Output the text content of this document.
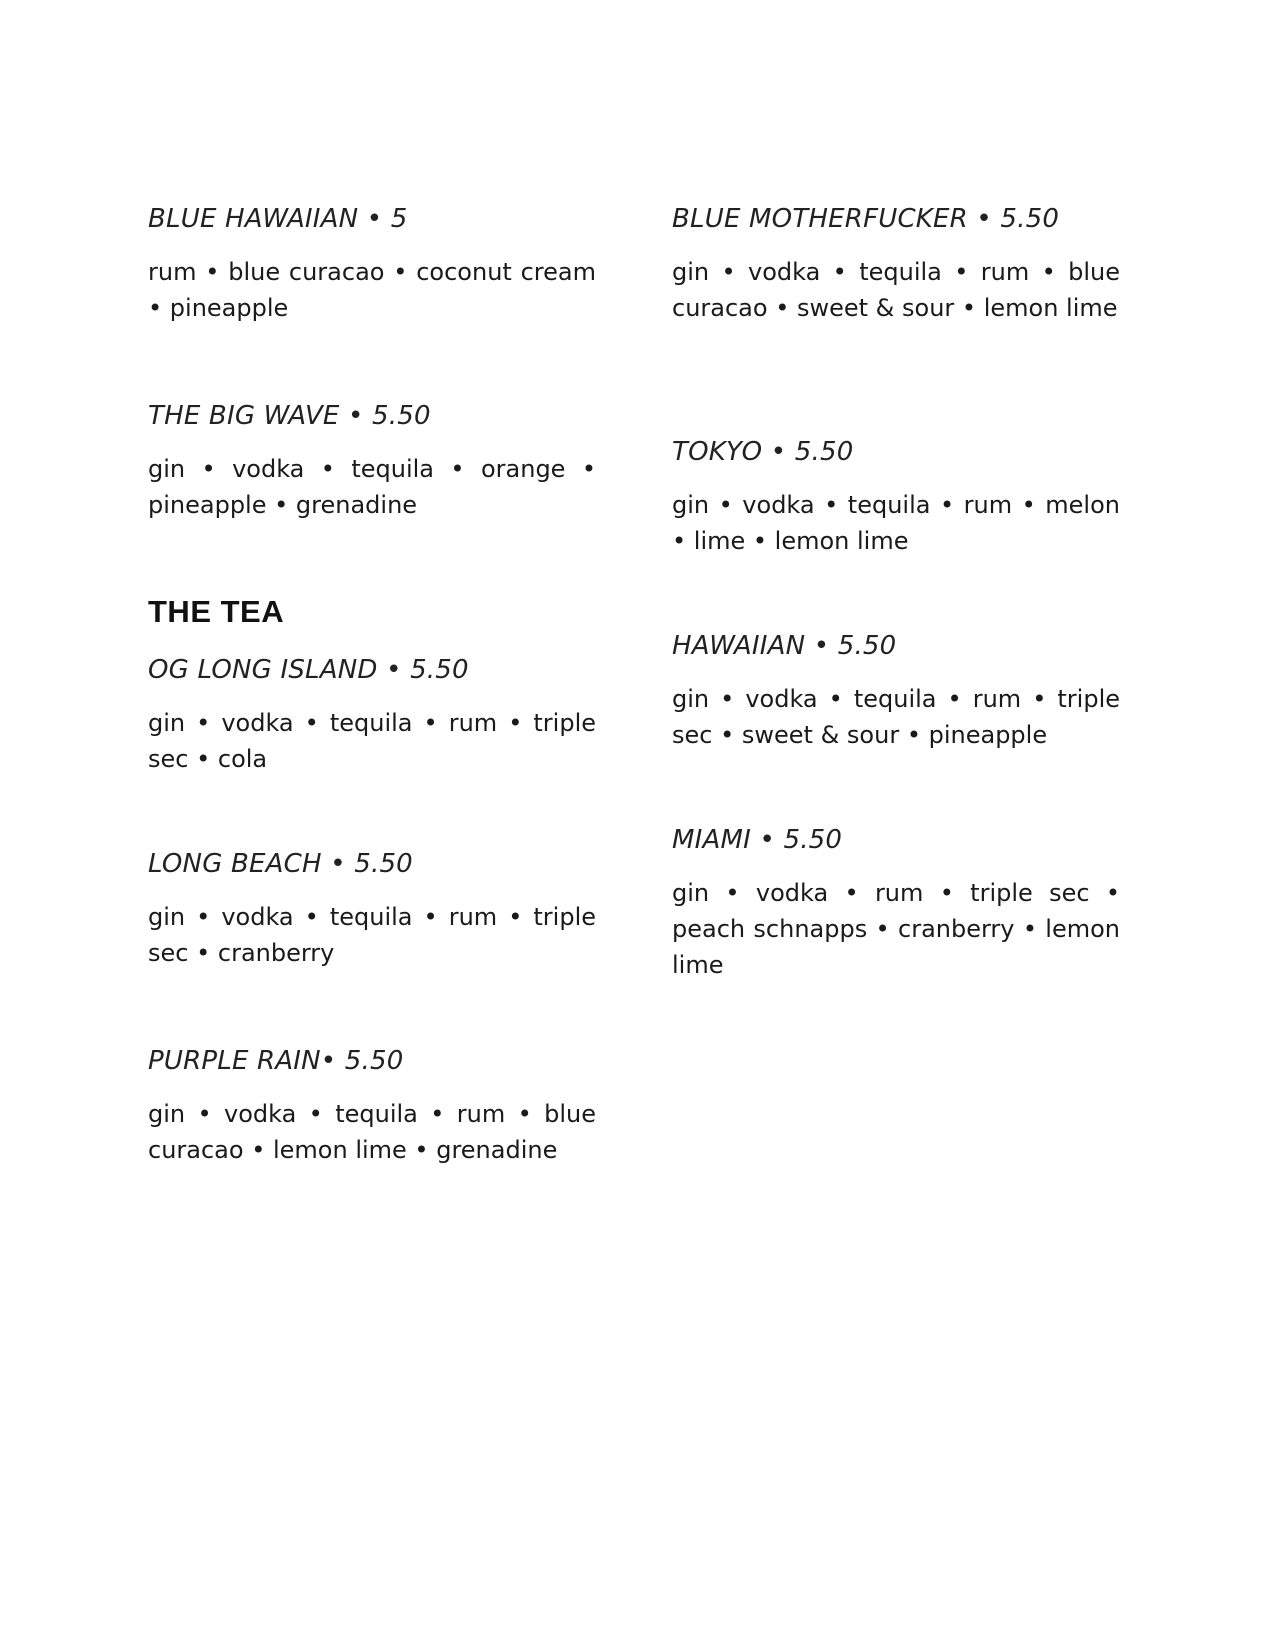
BLUE HAWAIIAN • 5
rum • blue curacao • coconut cream • pineapple
THE BIG WAVE • 5.50
gin • vodka • tequila • orange • pineapple • grenadine
THE TEA
OG LONG ISLAND • 5.50
gin • vodka • tequila • rum • triple sec • cola
LONG BEACH • 5.50
gin • vodka • tequila • rum • triple sec • cranberry
PURPLE RAIN• 5.50
gin • vodka • tequila • rum • blue curacao • lemon lime • grenadine
BLUE MOTHERFUCKER • 5.50
gin • vodka • tequila • rum • blue curacao • sweet & sour • lemon lime
TOKYO • 5.50
gin • vodka • tequila • rum • melon • lime • lemon lime
HAWAIIAN • 5.50
gin • vodka • tequila • rum • triple sec • sweet & sour • pineapple
MIAMI • 5.50
gin • vodka • rum • triple sec • peach schnapps • cranberry • lemon lime
